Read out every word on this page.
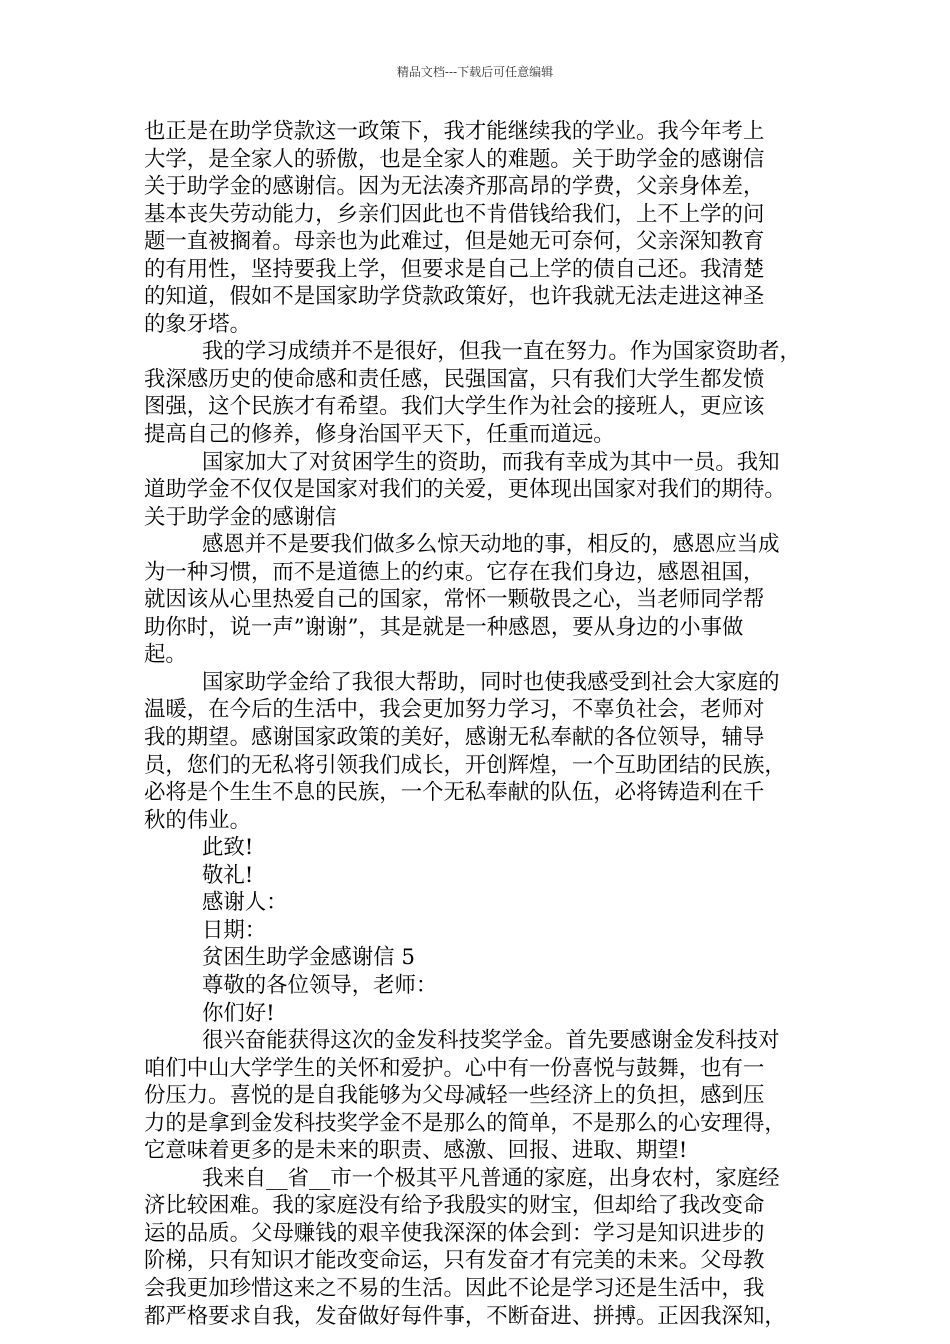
精品文档---下载后可任意编辑
也正是在助学贷款这一政策下，我才能继续我的学业。我今年考上
大学，是全家人的骄傲，也是全家人的难题。关于助学金的感谢信
关于助学金的感谢信。因为无法凑齐那高昂的学费，父亲身体差，
基本丧失劳动能力，乡亲们因此也不肯借钱给我们，上不上学的问
题一直被搁着。母亲也为此难过，但是她无可奈何，父亲深知教育
的有用性，坚持要我上学，但要求是自己上学的债自己还。我清楚
的知道，假如不是国家助学贷款政策好，也许我就无法走进这神圣
的象牙塔。
我的学习成绩并不是很好，但我一直在努力。作为国家资助者，
我深感历史的使命感和责任感，民强国富，只有我们大学生都发愤
图强，这个民族才有希望。我们大学生作为社会的接班人，更应该
提高自己的修养，修身治国平天下，任重而道远。
国家加大了对贫困学生的资助，而我有幸成为其中一员。我知
道助学金不仅仅是国家对我们的关爱，更体现出国家对我们的期待。
关于助学金的感谢信
感恩并不是要我们做多么惊天动地的事，相反的，感恩应当成
为一种习惯，而不是道德上的约束。它存在我们身边，感恩祖国，
就因该从心里热爱自己的国家，常怀一颗敬畏之心，当老师同学帮
助你时，说一声”谢谢”，其是就是一种感恩，要从身边的小事做
起。
国家助学金给了我很大帮助，同时也使我感受到社会大家庭的
温暖，在今后的生活中，我会更加努力学习，不辜负社会，老师对
我的期望。感谢国家政策的美好，感谢无私奉献的各位领导，辅导
员，您们的无私将引领我们成长，开创辉煌，一个互助团结的民族，
必将是个生生不息的民族，一个无私奉献的队伍，必将铸造利在千
秋的伟业。
此致!
敬礼!
感谢人：
日期：
贫困生助学金感谢信 5
尊敬的各位领导，老师：
你们好!
很兴奋能获得这次的金发科技奖学金。首先要感谢金发科技对
咱们中山大学学生的关怀和爱护。心中有一份喜悦与鼓舞，也有一
份压力。喜悦的是自我能够为父母减轻一些经济上的负担，感到压
力的是拿到金发科技奖学金不是那么的简单，不是那么的心安理得，
它意味着更多的是未来的职责、感激、回报、进取、期望!
我来自__省__市一个极其平凡普通的家庭，出身农村，家庭经
济比较困难。我的家庭没有给予我殷实的财宝，但却给了我改变命
运的品质。父母赚钱的艰辛使我深深的体会到：学习是知识进步的
阶梯，只有知识才能改变命运，只有发奋才有完美的未来。父母教
会我更加珍惜这来之不易的生活。因此不论是学习还是生活中，我
都严格要求自我，发奋做好每件事，不断奋进、拼搏。正因我深知，
